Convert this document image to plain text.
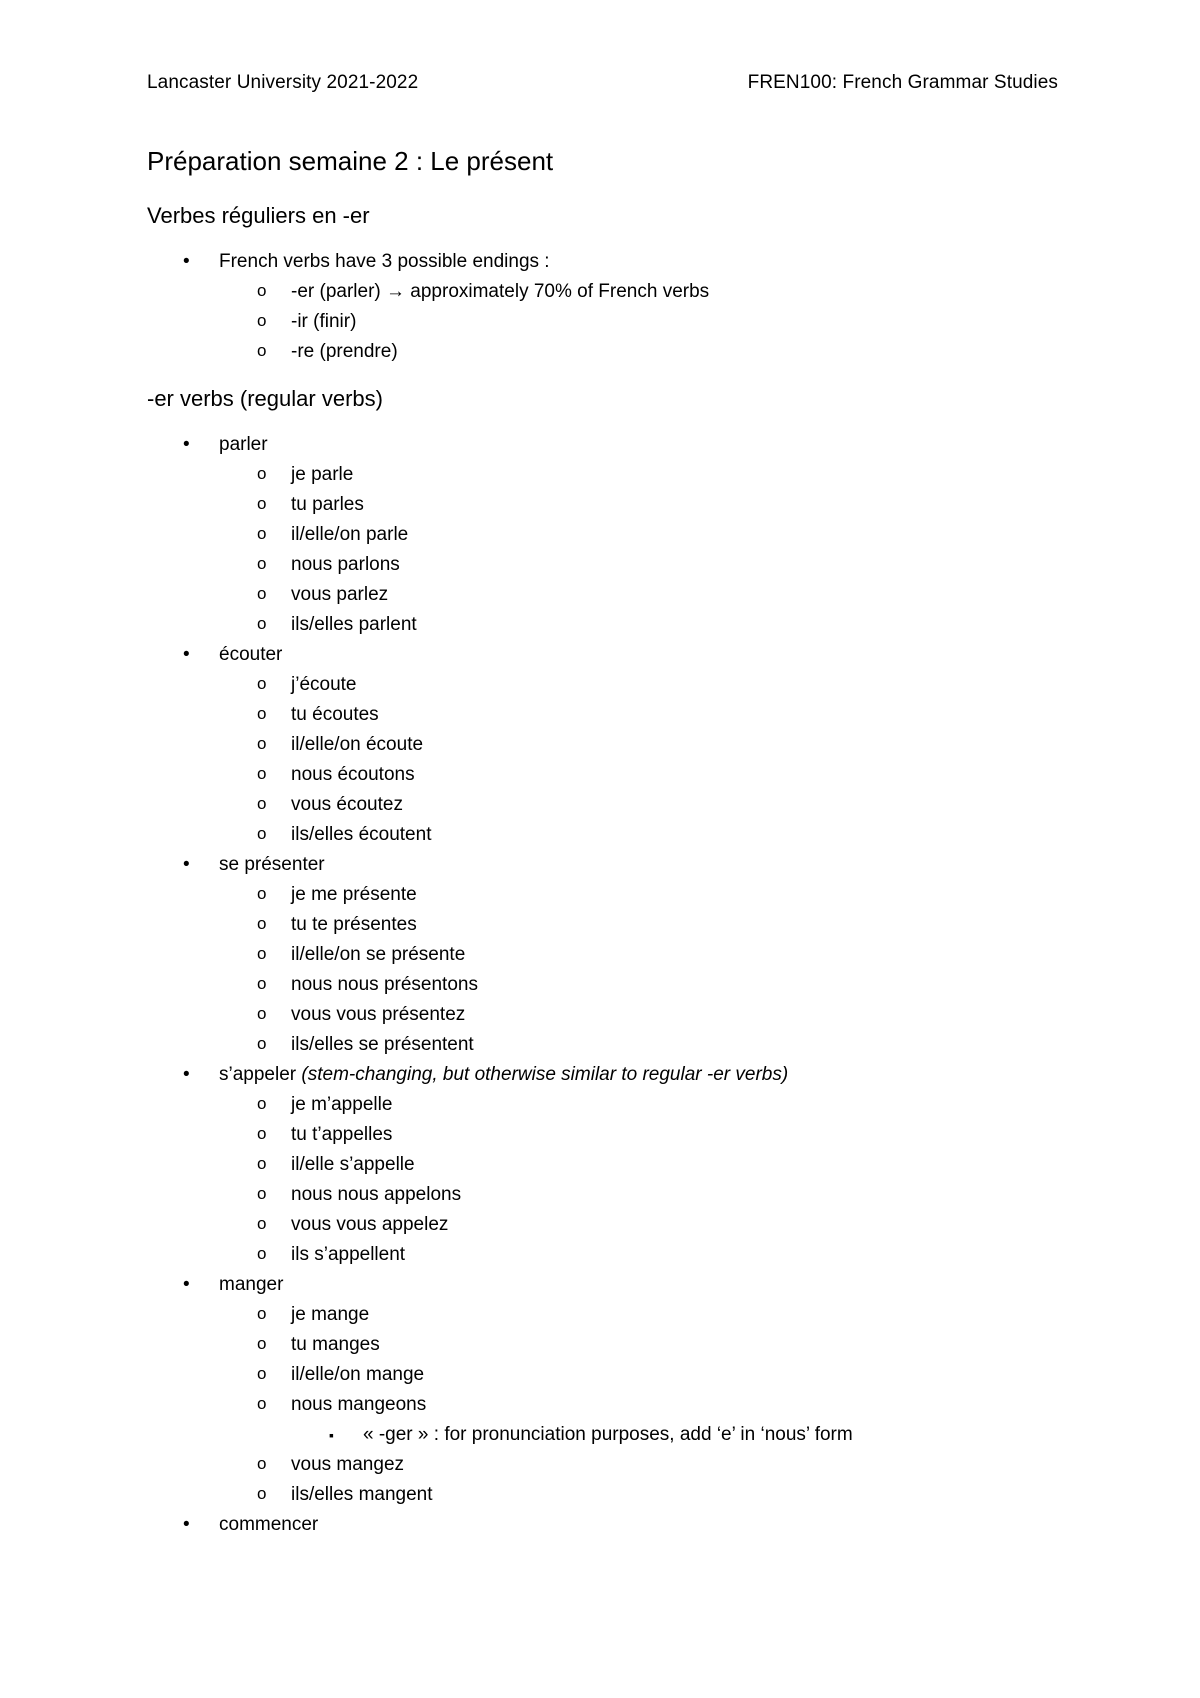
Lancaster University 2021-2022	FREN100: French Grammar Studies
Préparation semaine 2 : Le présent
Verbes réguliers en -er
• French verbs have 3 possible endings :
o -er (parler) → approximately 70% of French verbs
o -ir (finir)
o -re (prendre)
-er verbs (regular verbs)
• parler
o je parle
o tu parles
o il/elle/on parle
o nous parlons
o vous parlez
o ils/elles parlent
• écouter
o j’écoute
o tu écoutes
o il/elle/on écoute
o nous écoutons
o vous écoutez
o ils/elles écoutent
• se présenter
o je me présente
o tu te présentes
o il/elle/on se présente
o nous nous présentons
o vous vous présentez
o ils/elles se présentent
• s’appeler (stem-changing, but otherwise similar to regular -er verbs)
o je m’appelle
o tu t’appelles
o il/elle s’appelle
o nous nous appelons
o vous vous appelez
o ils s’appellent
• manger
o je mange
o tu manges
o il/elle/on mange
o nous mangeons
▪ « -ger » : for pronunciation purposes, add ‘e’ in ‘nous’ form
o vous mangez
o ils/elles mangent
• commencer
